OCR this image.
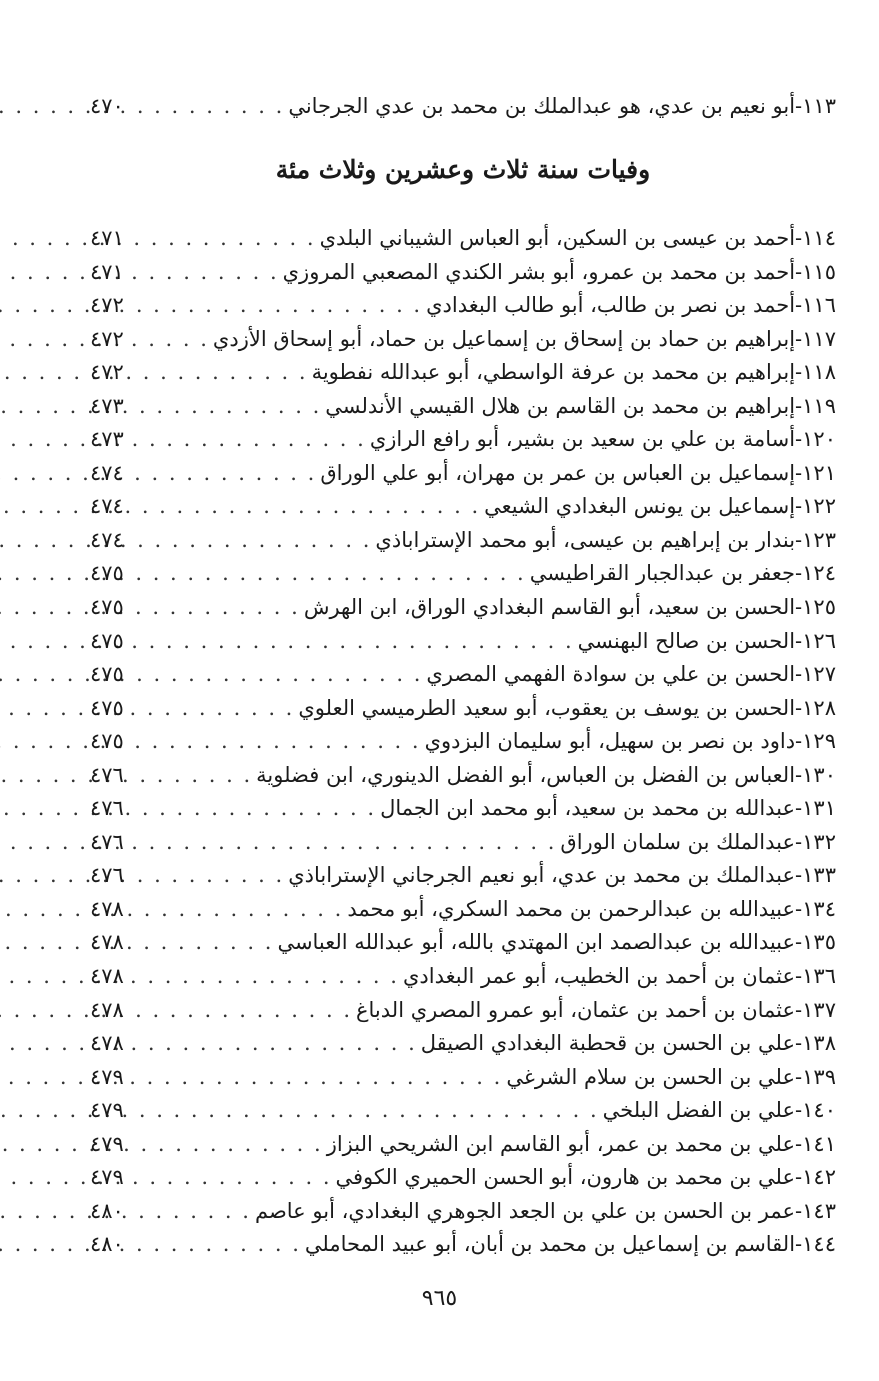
١١٣-
أبو نعيم بن عدي، هو عبدالملك بن محمد بن عدي الجرجاني
. . .
٤٧٠
وفيات سنة ثلاث وعشرين وثلاث مئة
١١٤-
أحمد بن عيسى بن السكين، أبو العباس الشيباني البلدي
. . .
٤٧١
١١٥-
أحمد بن محمد بن عمرو، أبو بشر الكندي المصعبي المروزي
. . .
٤٧١
١١٦-
أحمد بن نصر بن طالب، أبو طالب البغدادي
. . .
٤٧٢
١١٧-
إبراهيم بن حماد بن إسحاق بن إسماعيل بن حماد، أبو إسحاق الأزدي
. . .
٤٧٢
١١٨-
إبراهيم بن محمد بن عرفة الواسطي، أبو عبدالله نفطوية
. . .
٤٧٢
١١٩-
إبراهيم بن محمد بن القاسم بن هلال القيسي الأندلسي
. . .
٤٧٣
١٢٠-
أسامة بن علي بن سعيد بن بشير، أبو رافع الرازي
. . .
٤٧٣
١٢١-
إسماعيل بن العباس بن عمر بن مهران، أبو علي الوراق
. . .
٤٧٤
١٢٢-
إسماعيل بن يونس البغدادي الشيعي
. . .
٤٧٤
١٢٣-
بندار بن إبراهيم بن عيسى، أبو محمد الإستراباذي
. . .
٤٧٤
١٢٤-
جعفر بن عبدالجبار القراطيسي
. . .
٤٧٥
١٢٥-
الحسن بن سعيد، أبو القاسم البغدادي الوراق، ابن الهرش
. . .
٤٧٥
١٢٦-
الحسن بن صالح البهنسي
. . .
٤٧٥
١٢٧-
الحسن بن علي بن سوادة الفهمي المصري
. . .
٤٧٥
١٢٨-
الحسن بن يوسف بن يعقوب، أبو سعيد الطرميسي العلوي
. . .
٤٧٥
١٢٩-
داود بن نصر بن سهيل، أبو سليمان البزدوي
. . .
٤٧٥
١٣٠-
العباس بن الفضل بن العباس، أبو الفضل الدينوري، ابن فضلوية
. . .
٤٧٦
١٣١-
عبدالله بن محمد بن سعيد، أبو محمد ابن الجمال
. . .
٤٧٦
١٣٢-
عبدالملك بن سلمان الوراق
. . .
٤٧٦
١٣٣-
عبدالملك بن محمد بن عدي، أبو نعيم الجرجاني الإستراباذي
. . .
٤٧٦
١٣٤-
عبيدالله بن عبدالرحمن بن محمد السكري، أبو محمد
. . .
٤٧٨
١٣٥-
عبيدالله بن عبدالصمد ابن المهتدي بالله، أبو عبدالله العباسي
. . .
٤٧٨
١٣٦-
عثمان بن أحمد بن الخطيب، أبو عمر البغدادي
. . .
٤٧٨
١٣٧-
عثمان بن أحمد بن عثمان، أبو عمرو المصري الدباغ
. . .
٤٧٨
١٣٨-
علي بن الحسن بن قحطبة البغدادي الصيقل
. . .
٤٧٨
١٣٩-
علي بن الحسن بن سلام الشرغي
. . .
٤٧٩
١٤٠-
علي بن الفضل البلخي
. . .
٤٧٩
١٤١-
علي بن محمد بن عمر، أبو القاسم ابن الشريحي البزاز
. . .
٤٧٩
١٤٢-
علي بن محمد بن هارون، أبو الحسن الحميري الكوفي
. . .
٤٧٩
١٤٣-
عمر بن الحسن بن علي بن الجعد الجوهري البغدادي، أبو عاصم
. . .
٤٨٠
١٤٤-
القاسم بن إسماعيل بن محمد بن أبان، أبو عبيد المحاملي
. . .
٤٨٠
٩٦٥
